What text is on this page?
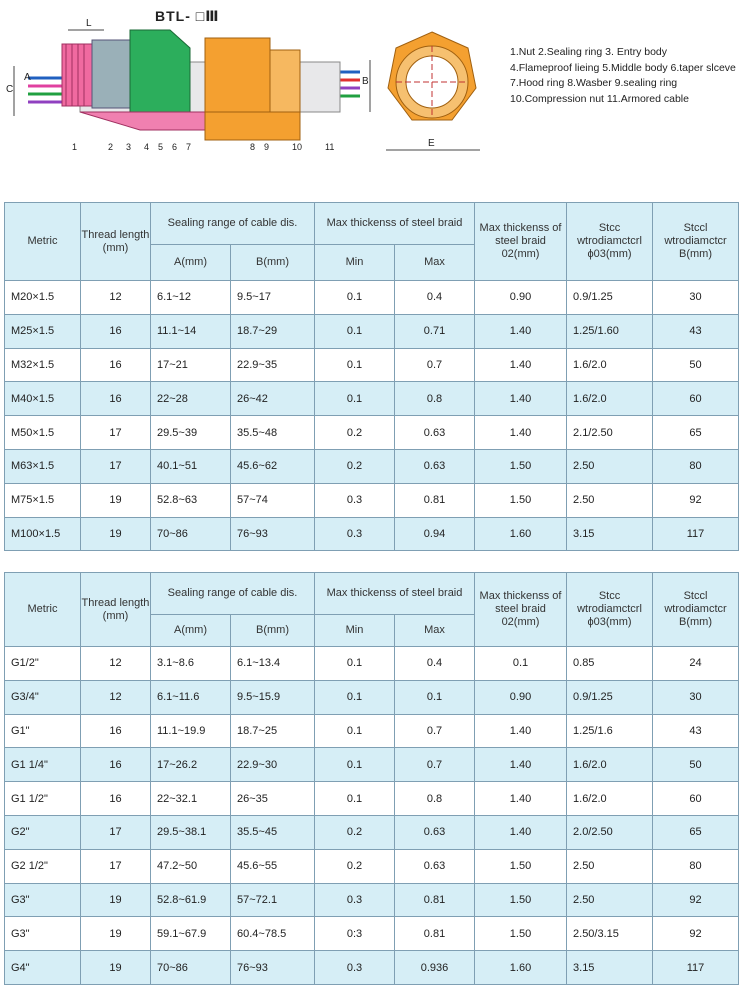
BTL- □Ⅲ
L
C
A	B
1	2 3 4 5 6 7	8 9	10	11	E
1.Nut 2.Sealing ring 3. Entry body
4.Flameproof lieing 5.Middle body 6.taper slceve
7.Hood ring 8.Wasber 9.sealing ring
10.Compression nut 11.Armored cable
Metric	Thread length (mm)	Sealing range of cable dis.		Max thickenss of steel braid		Max thickenss of steel braid 02(mm)	Stcc wtrodiamctcrl ϕ03(mm)	Stccl wtrodiamctcr B(mm)
		A(mm)	B(mm)	Min	Max			
M20×1.5	12	6.1~12	9.5~17	0.1	0.4	0.90	0.9/1.25	30
M25×1.5	16	11.1~14	18.7~29	0.1	0.71	1.40	1.25/1.60	43
M32×1.5	16	17~21	22.9~35	0.1	0.7	1.40	1.6/2.0	50
M40×1.5	16	22~28	26~42	0.1	0.8	1.40	1.6/2.0	60
M50×1.5	17	29.5~39	35.5~48	0.2	0.63	1.40	2.1/2.50	65
M63×1.5	17	40.1~51	45.6~62	0.2	0.63	1.50	2.50	80
M75×1.5	19	52.8~63	57~74	0.3	0.81	1.50	2.50	92
M100×1.5	19	70~86	76~93	0.3	0.94	1.60	3.15	117
Metric	Thread length (mm)	Sealing range of cable dis.		Max thickenss of steel braid		Max thickenss of steel braid 02(mm)	Stcc wtrodiamctcrl ϕ03(mm)	Stccl wtrodiamctcr B(mm)
		A(mm)	B(mm)	Min	Max			
G1/2"	12	3.1~8.6	6.1~13.4	0.1	0.4	0.1	0.85	24
G3/4"	12	6.1~11.6	9.5~15.9	0.1	0.1	0.90	0.9/1.25	30
G1"	16	11.1~19.9	18.7~25	0.1	0.7	1.40	1.25/1.6	43
G1 1/4"	16	17~26.2	22.9~30	0.1	0.7	1.40	1.6/2.0	50
G1 1/2"	16	22~32.1	26~35	0.1	0.8	1.40	1.6/2.0	60
G2"	17	29.5~38.1	35.5~45	0.2	0.63	1.40	2.0/2.50	65
G2 1/2"	17	47.2~50	45.6~55	0.2	0.63	1.50	2.50	80
G3"	19	52.8~61.9	57~72.1	0.3	0.81	1.50	2.50	92
G3"	19	59.1~67.9	60.4~78.5	0:3	0.81	1.50	2.50/3.15	92
G4"	19	70~86	76~93	0.3	0.936	1.60	3.15	117
